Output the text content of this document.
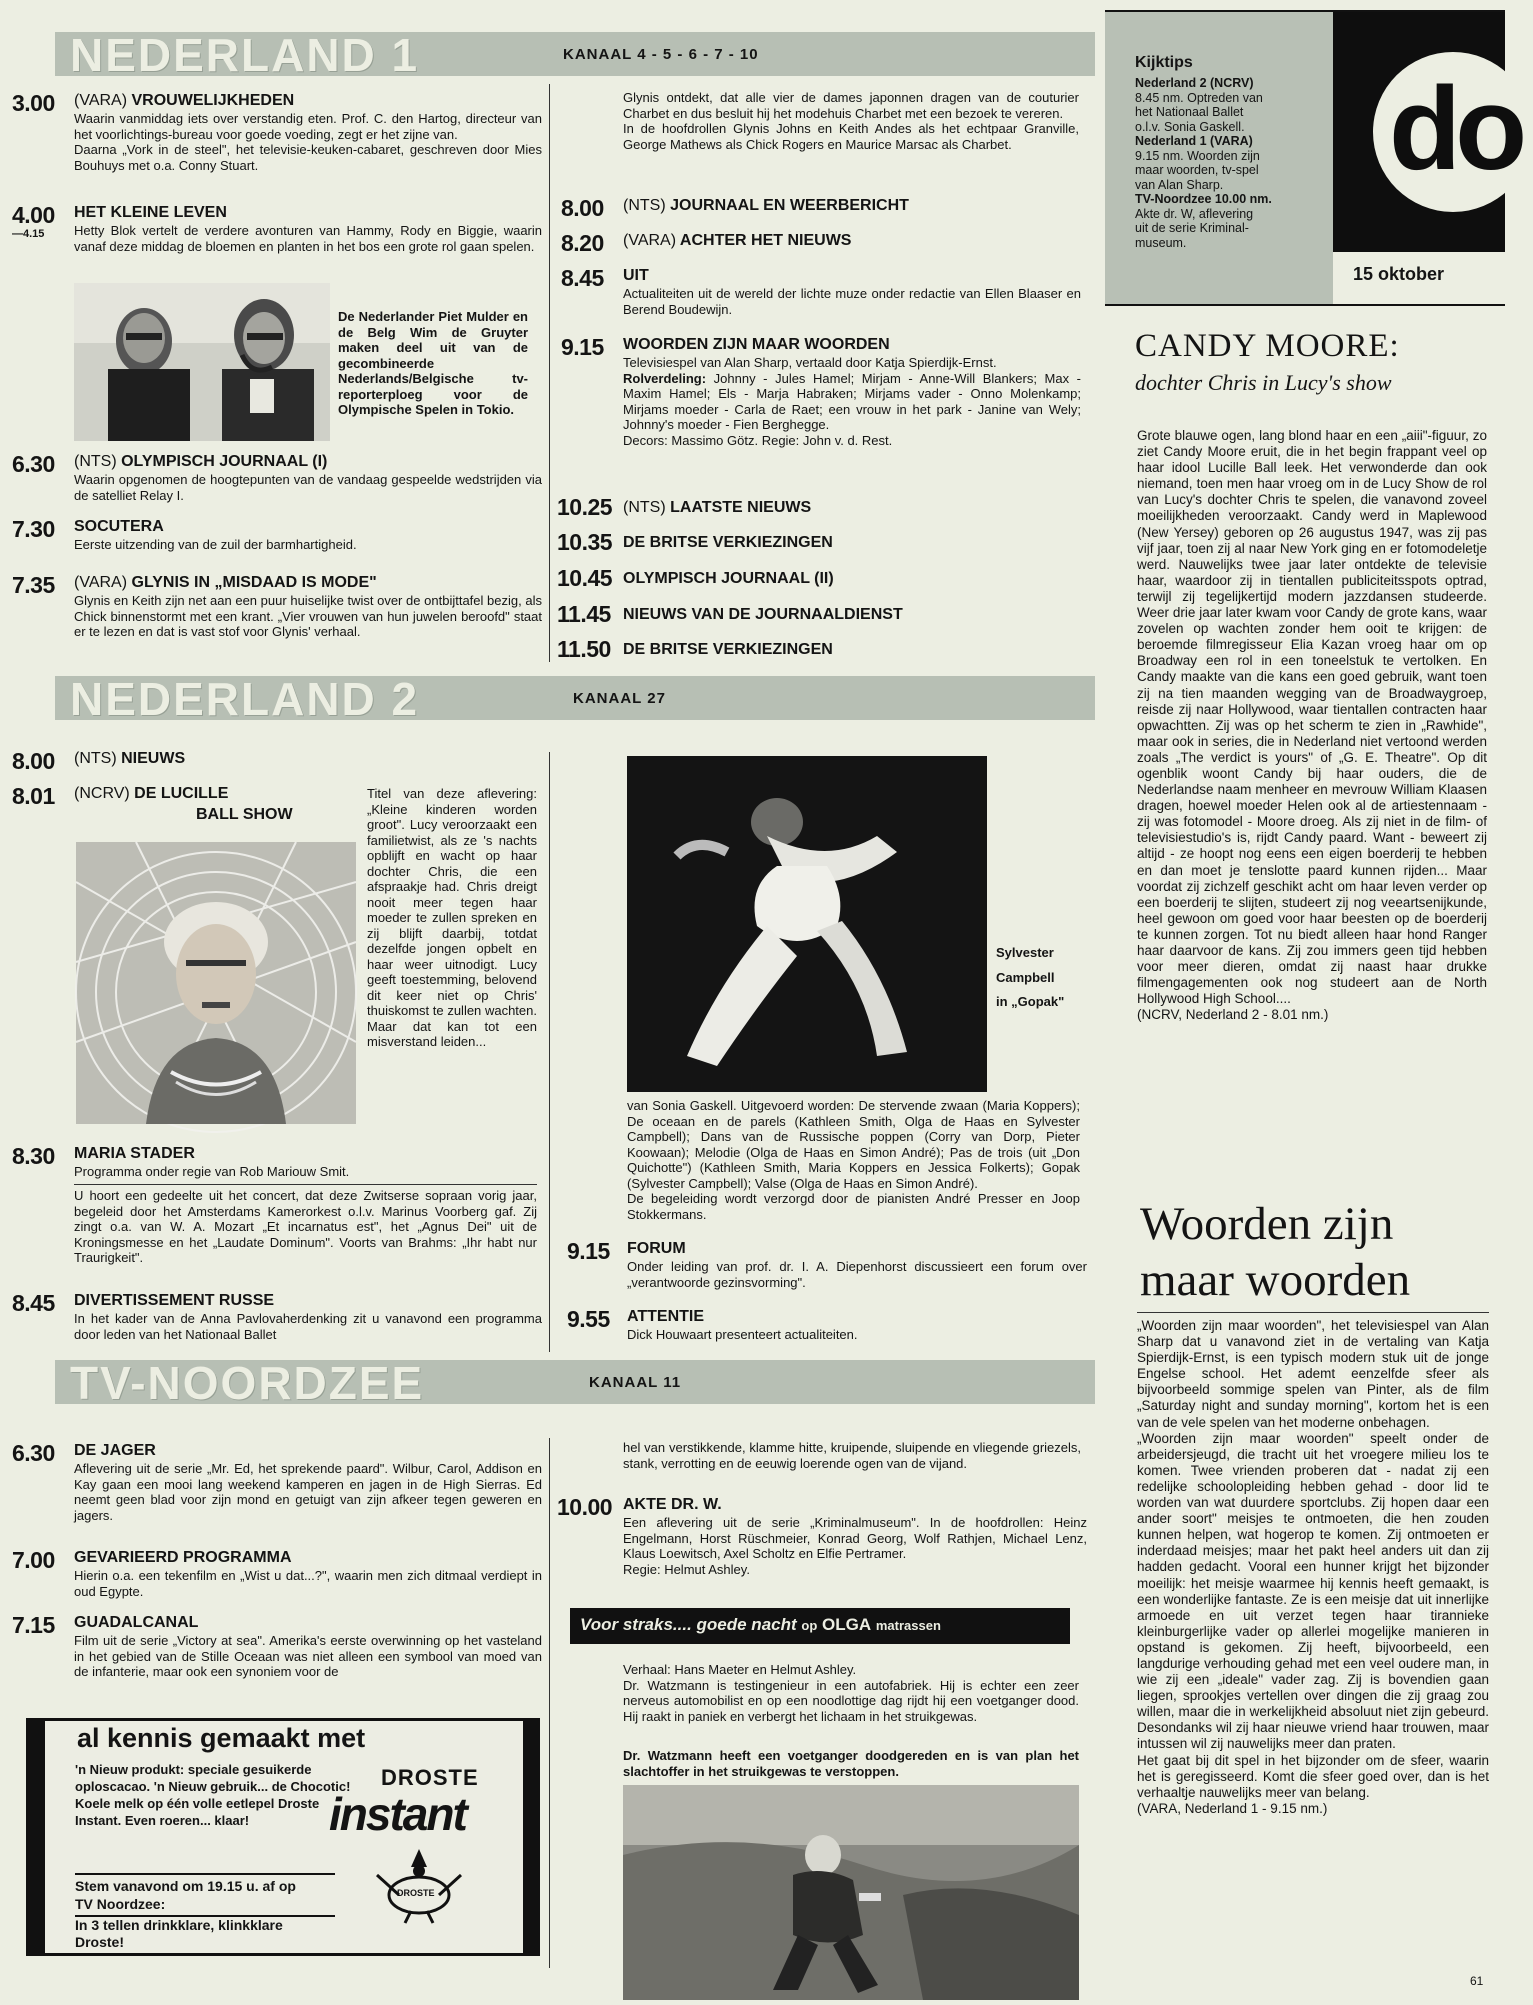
NEDERLAND 1	KANAAL 4 - 5 - 6 - 7 - 10
3.00 (VARA) VROUWELIJKHEDEN
Waarin vanmiddag iets over verstandig eten. Prof. C. den Hartog, directeur van het voorlichtings-bureau voor goede voeding, zegt er het zijne van.
Daarna „Vork in de steel", het televisie-keuken-cabaret, geschreven door Mies Bouhuys met o.a. Conny Stuart.
4.00
—4.15
HET KLEINE LEVEN
Hetty Blok vertelt de verdere avonturen van Hammy, Rody en Biggie, waarin vanaf deze middag de bloemen en planten in het bos een grote rol gaan spelen.
De Nederlander Piet Mulder en de Belg Wim de Gruyter maken deel uit van de gecombineerde Nederlands/Belgische tv-reporterploeg voor de Olympische Spelen in Tokio.
6.30 (NTS) OLYMPISCH JOURNAAL (I)
Waarin opgenomen de hoogtepunten van de vandaag gespeelde wedstrijden via de satelliet Relay I.
7.30 SOCUTERA
Eerste uitzending van de zuil der barmhartigheid.
7.35 (VARA) GLYNIS IN „MISDAAD IS MODE"
Glynis en Keith zijn net aan een puur huiselijke twist over de ontbijttafel bezig, als Chick binnenstormt met een krant. „Vier vrouwen van hun juwelen beroofd" staat er te lezen en dat is vast stof voor Glynis' verhaal.
Glynis ontdekt, dat alle vier de dames japonnen dragen van de couturier Charbet en dus besluit hij het modehuis Charbet met een bezoek te vereren.
In de hoofdrollen Glynis Johns en Keith Andes als het echtpaar Granville, George Mathews als Chick Rogers en Maurice Marsac als Charbet.
8.00 (NTS) JOURNAAL EN WEERBERICHT
8.20 (VARA) ACHTER HET NIEUWS
8.45 UIT
Actualiteiten uit de wereld der lichte muze onder redactie van Ellen Blaaser en Berend Boudewijn.
9.15 WOORDEN ZIJN MAAR WOORDEN
Televisiespel van Alan Sharp, vertaald door Katja Spierdijk-Ernst.
Rolverdeling: Johnny - Jules Hamel; Mirjam - Anne-Will Blankers; Max - Maxim Hamel; Els - Marja Habraken; Mirjams vader - Onno Molenkamp; Mirjams moeder - Carla de Raet; een vrouw in het park - Janine van Wely; Johnny's moeder - Fien Berghegge.
Decors: Massimo Götz. Regie: John v. d. Rest.
10.25 (NTS) LAATSTE NIEUWS
10.35 DE BRITSE VERKIEZINGEN
10.45 OLYMPISCH JOURNAAL (II)
11.45 NIEUWS VAN DE JOURNAALDIENST
11.50 DE BRITSE VERKIEZINGEN
NEDERLAND 2	KANAAL 27
8.00 (NTS) NIEUWS
8.01 (NCRV) DE LUCILLE
BALL SHOW
Titel van deze aflevering: „Kleine kinderen worden groot". Lucy veroorzaakt een familietwist, als ze 's nachts opblijft en wacht op haar dochter Chris, die een afspraakje had. Chris dreigt nooit meer tegen haar moeder te zullen spreken en zij blijft daarbij, totdat dezelfde jongen opbelt en haar weer uitnodigt. Lucy geeft toestemming, belovend dit keer niet op Chris' thuiskomst te zullen wachten. Maar dat kan tot een misverstand leiden...
8.30 MARIA STADER
Programma onder regie van Rob Mariouw Smit.
U hoort een gedeelte uit het concert, dat deze Zwitserse sopraan vorig jaar, begeleid door het Amsterdams Kamerorkest o.l.v. Marinus Voorberg gaf. Zij zingt o.a. van W. A. Mozart „Et incarnatus est", het „Agnus Dei" uit de Kroningsmesse en het „Laudate Dominum". Voorts van Brahms: „Ihr habt nur Traurigkeit".
8.45 DIVERTISSEMENT RUSSE
In het kader van de Anna Pavlovaherdenking zit u vanavond een programma door leden van het Nationaal Ballet
Sylvester
Campbell
in „Gopak"
van Sonia Gaskell. Uitgevoerd worden: De stervende zwaan (Maria Koppers); De oceaan en de parels (Kathleen Smith, Olga de Haas en Sylvester Campbell); Dans van de Russische poppen (Corry van Dorp, Pieter Koowaan); Melodie (Olga de Haas en Simon André); Pas de trois (uit „Don Quichotte") (Kathleen Smith, Maria Koppers en Jessica Folkerts); Gopak (Sylvester Campbell); Valse (Olga de Haas en Simon André).
De begeleiding wordt verzorgd door de pianisten André Presser en Joop Stokkermans.
9.15 FORUM
Onder leiding van prof. dr. I. A. Diepenhorst discussieert een forum over „verantwoorde gezinsvorming".
9.55 ATTENTIE
Dick Houwaart presenteert actualiteiten.
TV-NOORDZEE	KANAAL 11
6.30 DE JAGER
Aflevering uit de serie „Mr. Ed, het sprekende paard". Wilbur, Carol, Addison en Kay gaan een mooi lang weekend kamperen en jagen in de High Sierras. Ed neemt geen blad voor zijn mond en getuigt van zijn afkeer tegen geweren en jagers.
7.00 GEVARIEERD PROGRAMMA
Hierin o.a. een tekenfilm en „Wist u dat...?", waarin men zich ditmaal verdiept in oud Egypte.
7.15 GUADALCANAL
Film uit de serie „Victory at sea". Amerika's eerste overwinning op het vasteland in het gebied van de Stille Oceaan was niet alleen een symbool van moed van de infanterie, maar ook een synoniem voor de
al kennis gemaakt met
'n Nieuw produkt: speciale gesuikerde oploscacao. 'n Nieuw gebruik... de Chocotic! Koele melk op één volle eetlepel Droste Instant. Even roeren... klaar!
DROSTE
instant
DROSTE
Stem vanavond om 19.15 u. af op TV Noordzee:
In 3 tellen drinkklare, klinkklare Droste!
hel van verstikkende, klamme hitte, kruipende, sluipende en vliegende griezels, stank, verrotting en de eeuwig loerende ogen van de vijand.
10.00 AKTE DR. W.
Een aflevering uit de serie „Kriminalmuseum". In de hoofdrollen: Heinz Engelmann, Horst Rüschmeier, Konrad Georg, Wolf Rathjen, Michael Lenz, Klaus Loewitsch, Axel Scholtz en Elfie Pertramer.
Regie: Helmut Ashley.
Voor straks.... goede nacht op OLGA matrassen
Verhaal: Hans Maeter en Helmut Ashley.
Dr. Watzmann is testingenieur in een autofabriek. Hij is echter een zeer nerveus automobilist en op een noodlottige dag rijdt hij een voetganger dood. Hij raakt in paniek en verbergt het lichaam in het struikgewas.
Dr. Watzmann heeft een voetganger doodgereden en is van plan het slachtoffer in het struikgewas te verstoppen.
Kijktips
Nederland 2 (NCRV)
8.45 nm. Optreden van
het Nationaal Ballet
o.l.v. Sonia Gaskell.
Nederland 1 (VARA)
9.15 nm. Woorden zijn
maar woorden, tv-spel
van Alan Sharp.
TV-Noordzee 10.00 nm.
Akte dr. W, aflevering
uit de serie Kriminal-
museum.
do
15 oktober
CANDY MOORE:
dochter Chris in Lucy's show
Grote blauwe ogen, lang blond haar en een „aiii"-figuur, zo ziet Candy Moore eruit, die in het begin frappant veel op haar idool Lucille Ball leek. Het verwonderde dan ook niemand, toen men haar vroeg om in de Lucy Show de rol van Lucy's dochter Chris te spelen, die vanavond zoveel moeilijkheden veroorzaakt. Candy werd in Maplewood (New Yersey) geboren op 26 augustus 1947, was zij pas vijf jaar, toen zij al naar New York ging en er fotomodeletje werd. Nauwelijks twee jaar later ontdekte de televisie haar, waardoor zij in tientallen publiciteitsspots optrad, terwijl zij tegelijkertijd modern jazzdansen studeerde. Weer drie jaar later kwam voor Candy de grote kans, waar zovelen op wachten zonder hem ooit te krijgen: de beroemde filmregisseur Elia Kazan vroeg haar om op Broadway een rol in een toneelstuk te vertolken. En Candy maakte van die kans een goed gebruik, want toen zij na tien maanden wegging van de Broadwaygroep, reisde zij naar Hollywood, waar tientallen contracten haar opwachtten. Zij was op het scherm te zien in „Rawhide", maar ook in series, die in Nederland niet vertoond werden zoals „The verdict is yours" of „G. E. Theatre". Op dit ogenblik woont Candy bij haar ouders, die de Nederlandse naam menheer en mevrouw William Klaasen dragen, hoewel moeder Helen ook al de artiestennaam - zij was fotomodel - Moore droeg. Als zij niet in de film- of televisiestudio's is, rijdt Candy paard. Want - beweert zij altijd - ze hoopt nog eens een eigen boerderij te hebben en dan moet je tenslotte paard kunnen rijden... Maar voordat zij zichzelf geschikt acht om haar leven verder op een boerderij te slijten, studeert zij nog veeartsenijkunde, heel gewoon om goed voor haar beesten op de boerderij te kunnen zorgen. Tot nu biedt alleen haar hond Ranger haar daarvoor de kans. Zij zou immers geen tijd hebben voor meer dieren, omdat zij naast haar drukke filmengagementen ook nog studeert aan de North Hollywood High School....
(NCRV, Nederland 2 - 8.01 nm.)
Woorden zijn
maar woorden
„Woorden zijn maar woorden", het televisiespel van Alan Sharp dat u vanavond ziet in de vertaling van Katja Spierdijk-Ernst, is een typisch modern stuk uit de jonge Engelse school. Het ademt eenzelfde sfeer als bijvoorbeeld sommige spelen van Pinter, als de film „Saturday night and sunday morning", kortom het is een van de vele spelen van het moderne onbehagen.
„Woorden zijn maar woorden" speelt onder de arbeidersjeugd, die tracht uit het vroegere milieu los te komen. Twee vrienden proberen dat - nadat zij een redelijke schoolopleiding hebben gehad - door lid te worden van wat duurdere sportclubs. Zij hopen daar een ander soort" meisjes te ontmoeten, die hen zouden kunnen helpen, wat hogerop te komen. Zij ontmoeten er inderdaad meisjes; maar het pakt heel anders uit dan zij hadden gedacht. Vooral een hunner krijgt het bijzonder moeilijk: het meisje waarmee hij kennis heeft gemaakt, is een wonderlijke fantaste. Ze is een meisje dat uit innerlijke armoede en uit verzet tegen haar tirannieke kleinburgerlijke vader op allerlei mogelijke manieren in opstand is gekomen. Zij heeft, bijvoorbeeld, een langdurige verhouding gehad met een veel oudere man, in wie zij een „ideale" vader zag. Zij is bovendien gaan liegen, sprookjes vertellen over dingen die zij graag zou willen, maar die in werkelijkheid absoluut niet zijn gebeurd. Desondanks wil zij haar nieuwe vriend haar trouwen, maar intussen wil zij nauwelijks meer dan praten.
Het gaat bij dit spel in het bijzonder om de sfeer, waarin het is geregisseerd. Komt die sfeer goed over, dan is het verhaaltje nauwelijks meer van belang.
(VARA, Nederland 1 - 9.15 nm.)
61
